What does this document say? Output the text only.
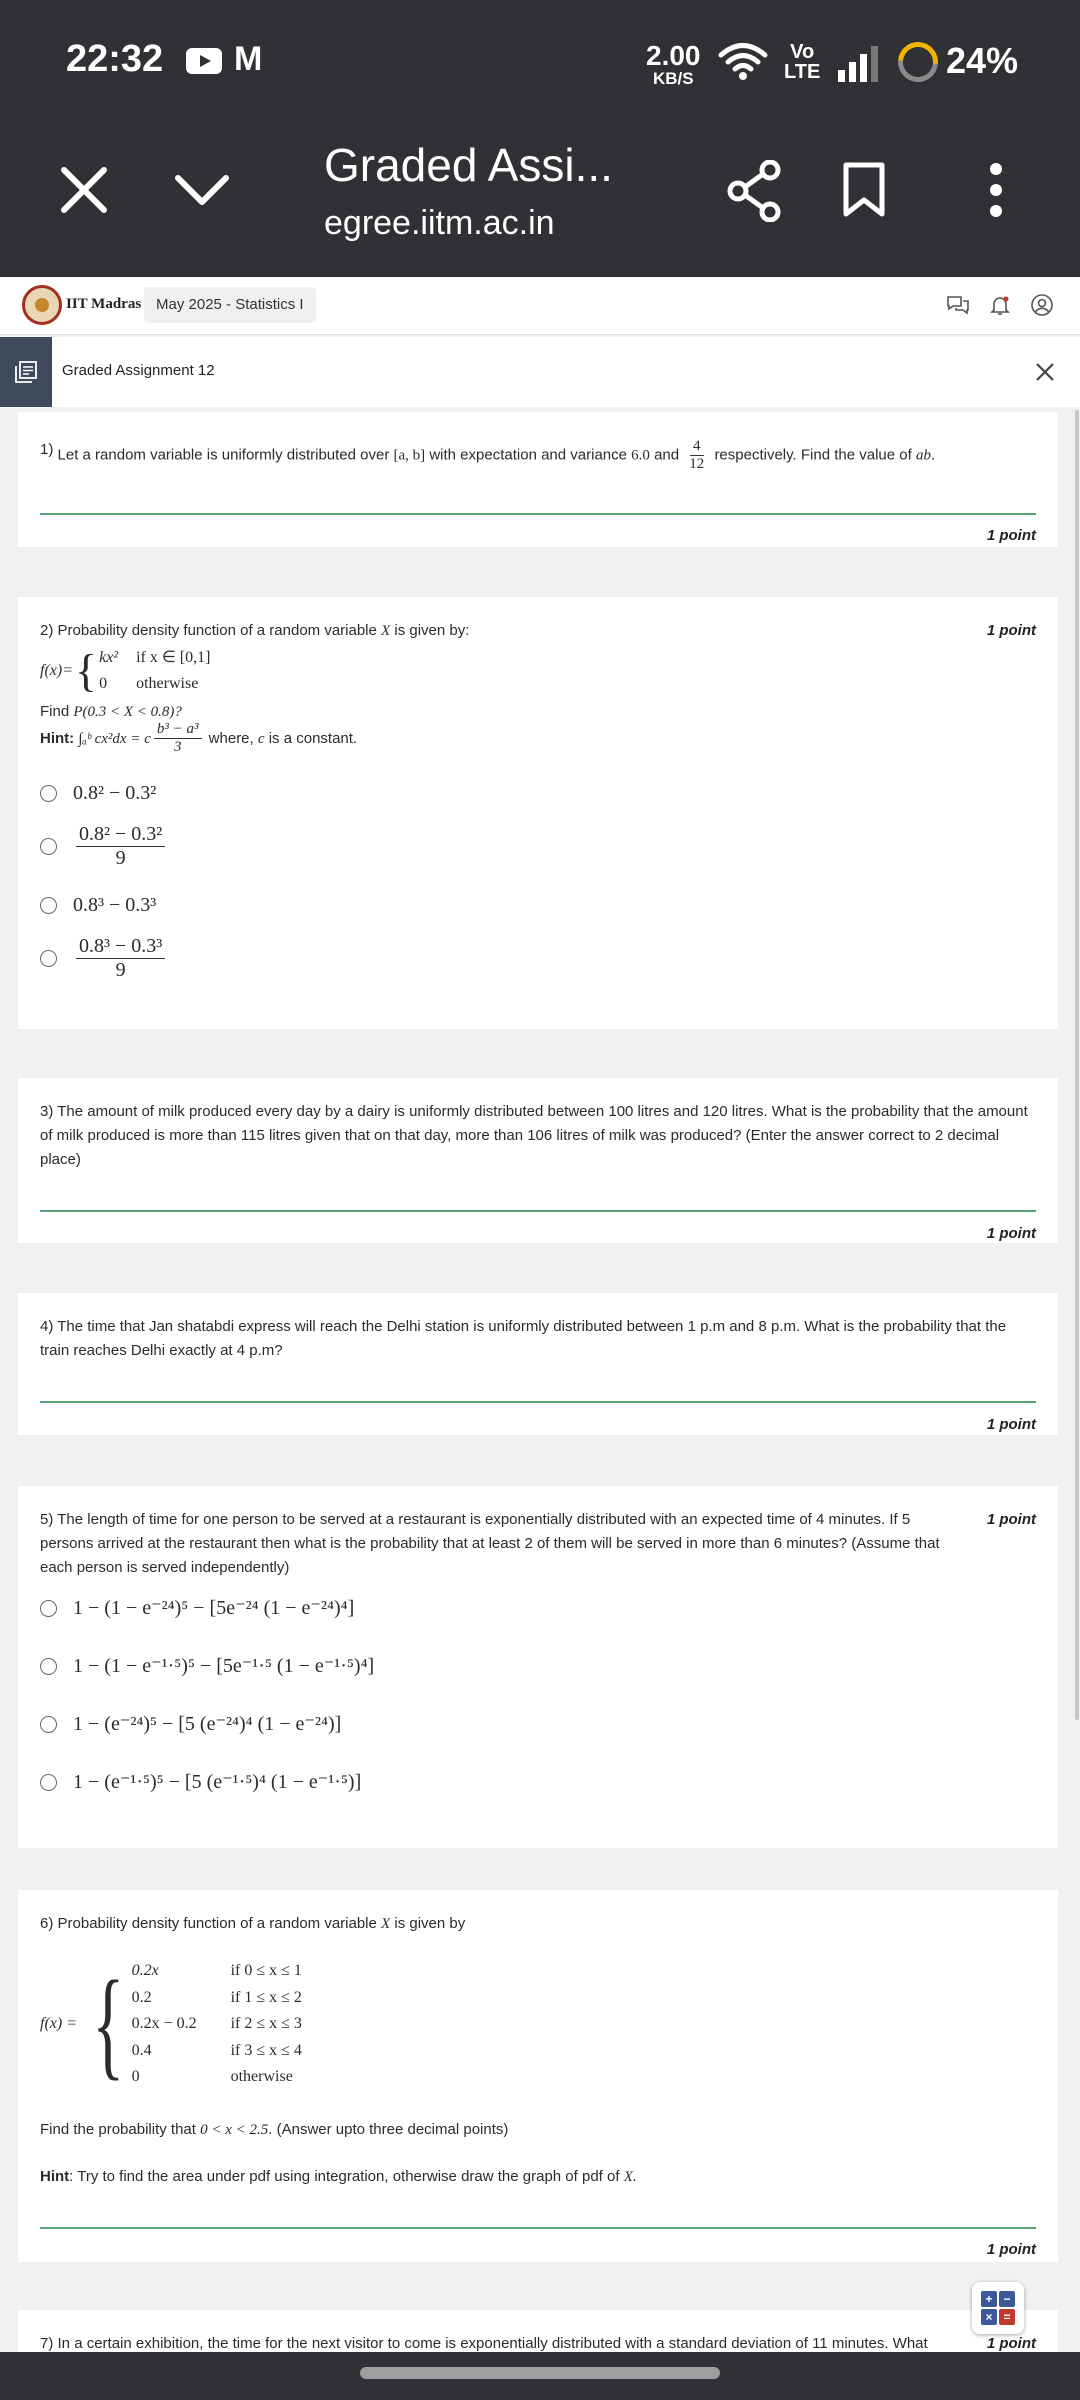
22:32 M	2.00
KB/S
Vo
LTE	24%
Graded Assi...
egree.iitm.ac.in
IIT Madras May 2025 - Statistics I
Graded Assignment 12
1) Let a random variable is uniformly distributed over [a, b] with expectation and variance 6.0 and $\frac{4}{12}$ respectively. Find the value of ab.
1 point
2) Probability density function of a random variable X is given by:	1 point
f(x)= { kx² if x ∈ [0,1]
0	otherwise
Find P(0.3 < X < 0.8)?
Hint:
∫ₐᵇ cx²dx = c $\frac{\text{b³ − a³}}{3}$
where,
c
is a constant.
0.8² − 0.3²
$\frac{\text{0.8² − 0.3²}}{9}$
0.8³ − 0.3³
$\frac{\text{0.8³ − 0.3³}}{9}$
3) The amount of milk produced every day by a dairy is uniformly distributed between 100 litres and 120 litres. What is the probability that the amount of milk produced is more than 115 litres given that on that day, more than 106 litres of milk was produced? (Enter the answer correct to 2 decimal place)
1 point
4) The time that Jan shatabdi express will reach the Delhi station is uniformly distributed between 1 p.m and 8 p.m. What is the probability that the train reaches Delhi exactly at 4 p.m?
1 point
5) The length of time for one person to be served at a restaurant is exponentially distributed with an expected time of 4 minutes. If 5 persons arrived at the restaurant then what is the probability that at least 2 of them will be served in more than 6 minutes? (Assume that each person is served independently)
1 point
1 − (1 − e⁻²⁴)⁵ − [5e⁻²⁴ (1 − e⁻²⁴)⁴]
1 − (1 − e⁻¹·⁵)⁵ − [5e⁻¹·⁵ (1 − e⁻¹·⁵)⁴]
1 − (e⁻²⁴)⁵ − [5 (e⁻²⁴)⁴ (1 − e⁻²⁴)]
1 − (e⁻¹·⁵)⁵ − [5 (e⁻¹·⁵)⁴ (1 − e⁻¹·⁵)]
6) Probability density function of a random variable X is given by
f(x) = { 0.2x	if 0 ≤ x ≤ 1
0.2	if 1 ≤ x ≤ 2
0.2x − 0.2 if 2 ≤ x ≤ 3
0.4	if 3 ≤ x ≤ 4
0	otherwise
Find the probability that 0 < x < 2.5. (Answer upto three decimal points)
Hint: Try to find the area under pdf using integration, otherwise draw the graph of pdf of X.
1 point
7) In a certain exhibition, the time for the next visitor to come is exponentially distributed with a standard deviation of 11 minutes. What	1 point
+ −
× =
